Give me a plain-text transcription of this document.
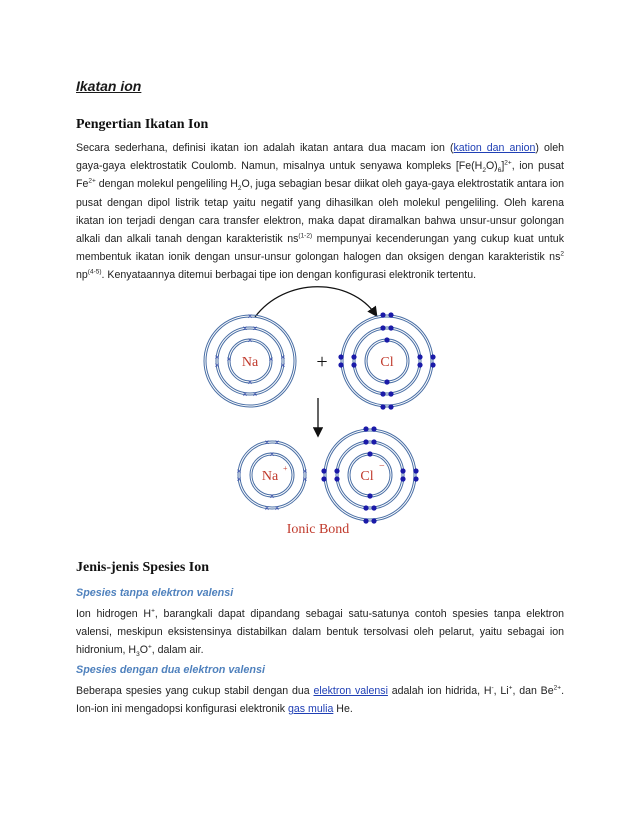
Ikatan ion
Pengertian Ikatan Ion
Secara sederhana, definisi ikatan ion adalah ikatan antara dua macam ion (kation dan anion) oleh gaya-gaya elektrostatik Coulomb. Namun, misalnya untuk senyawa kompleks $[Fe(H_2O)_6]^{2+}$, ion pusat $Fe^{2+}$ dengan molekul pengeliling $H_2O$, juga sebagian besar diikat oleh gaya-gaya elektrostatik antara ion pusat dengan dipol listrik tetap yaitu negatif yang dihasilkan oleh molekul pengeliling. Oleh karena ikatan ion terjadi dengan cara transfer elektron, maka dapat diramalkan bahwa unsur-unsur golongan alkali dan alkali tanah dengan karakteristik $ns^{(1-2)}$ mempunyai kecenderungan yang cukup kuat untuk membentuk ikatan ionik dengan unsur-unsur golongan halogen dan oksigen dengan karakteristik $ns^2$ $np^{(4-5)}$. Kenyataannya ditemui berbagai tipe ion dengan konfigurasi elektronik tertentu.
×
× ×
×	×
×
×
×
×
× ×
×
×
Na	+	Cl
× ×
×
×
×
×
× ×
×
×
Na
+
Cl
−
Ionic Bond
Jenis-jenis Spesies Ion
Spesies tanpa elektron valensi
Ion hidrogen H+, barangkali dapat dipandang sebagai satu-satunya contoh spesies tanpa elektron valensi, meskipun eksistensinya distabilkan dalam bentuk tersolvasi oleh pelarut, yaitu sebagai ion hidronium, $H_3O^+$, dalam air.
Spesies dengan dua elektron valensi
Beberapa spesies yang cukup stabil dengan dua elektron valensi adalah ion hidrida, H-, Li+, dan $Be^{2+}$. Ion-ion ini mengadopsi konfigurasi elektronik gas mulia He.
